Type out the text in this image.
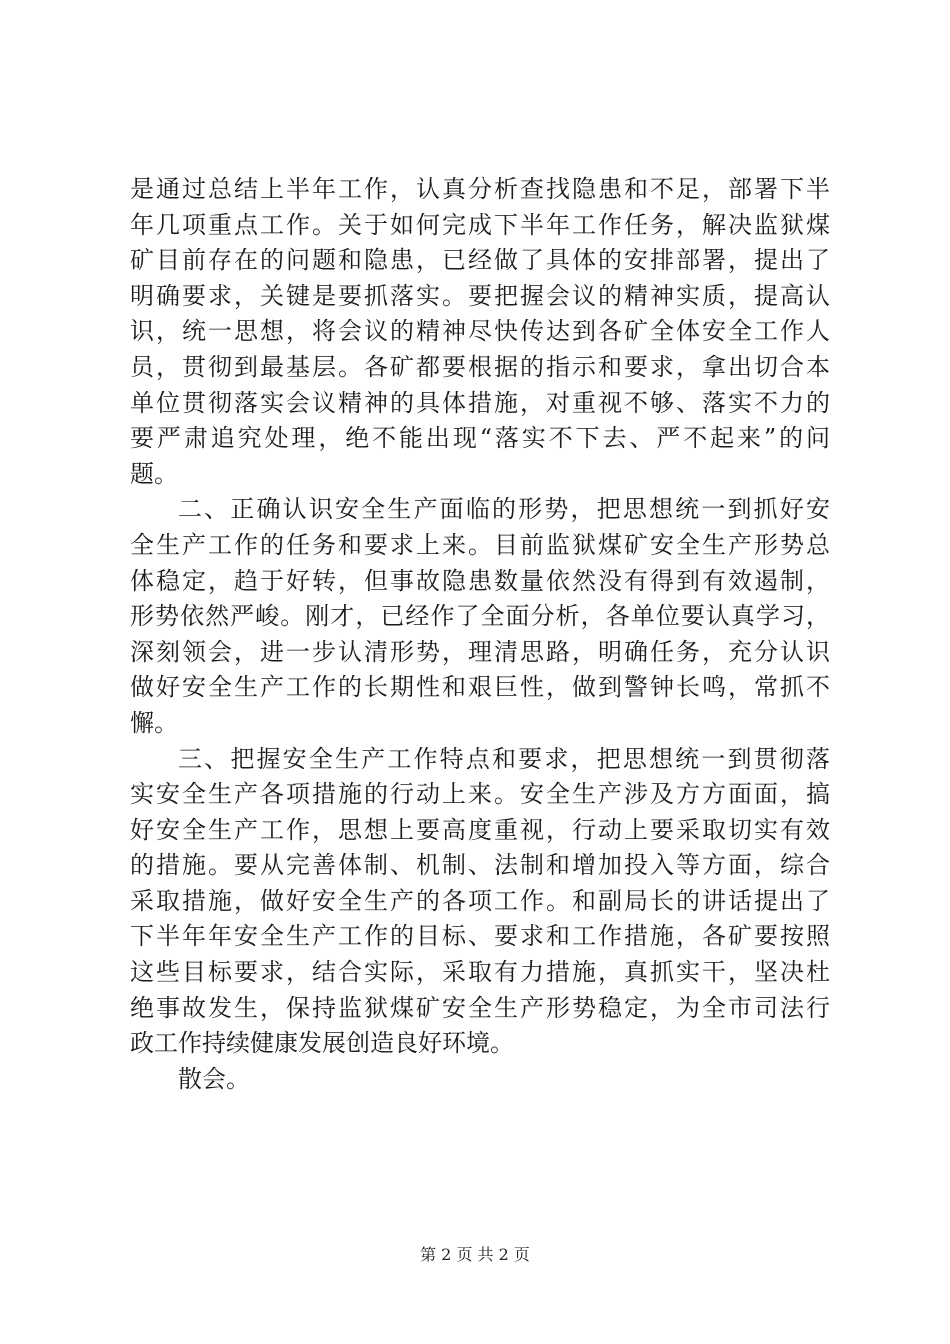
是通过总结上半年工作，认真分析查找隐患和不足，部署下半
年几项重点工作。关于如何完成下半年工作任务，解决监狱煤
矿目前存在的问题和隐患，已经做了具体的安排部署，提出了
明确要求，关键是要抓落实。要把握会议的精神实质，提高认
识，统一思想，将会议的精神尽快传达到各矿全体安全工作人
员，贯彻到最基层。各矿都要根据的指示和要求，拿出切合本
单位贯彻落实会议精神的具体措施，对重视不够、落实不力的
要严肃追究处理，绝不能出现“落实不下去、严不起来”的问
题。
二、正确认识安全生产面临的形势，把思想统一到抓好安
全生产工作的任务和要求上来。目前监狱煤矿安全生产形势总
体稳定，趋于好转，但事故隐患数量依然没有得到有效遏制，
形势依然严峻。刚才，已经作了全面分析，各单位要认真学习，
深刻领会，进一步认清形势，理清思路，明确任务，充分认识
做好安全生产工作的长期性和艰巨性，做到警钟长鸣，常抓不
懈。
三、把握安全生产工作特点和要求，把思想统一到贯彻落
实安全生产各项措施的行动上来。安全生产涉及方方面面，搞
好安全生产工作，思想上要高度重视，行动上要采取切实有效
的措施。要从完善体制、机制、法制和增加投入等方面，综合
采取措施，做好安全生产的各项工作。和副局长的讲话提出了
下半年年安全生产工作的目标、要求和工作措施，各矿要按照
这些目标要求，结合实际，采取有力措施，真抓实干，坚决杜
绝事故发生，保持监狱煤矿安全生产形势稳定，为全市司法行
政工作持续健康发展创造良好环境。
散会。
第 2 页 共 2 页
